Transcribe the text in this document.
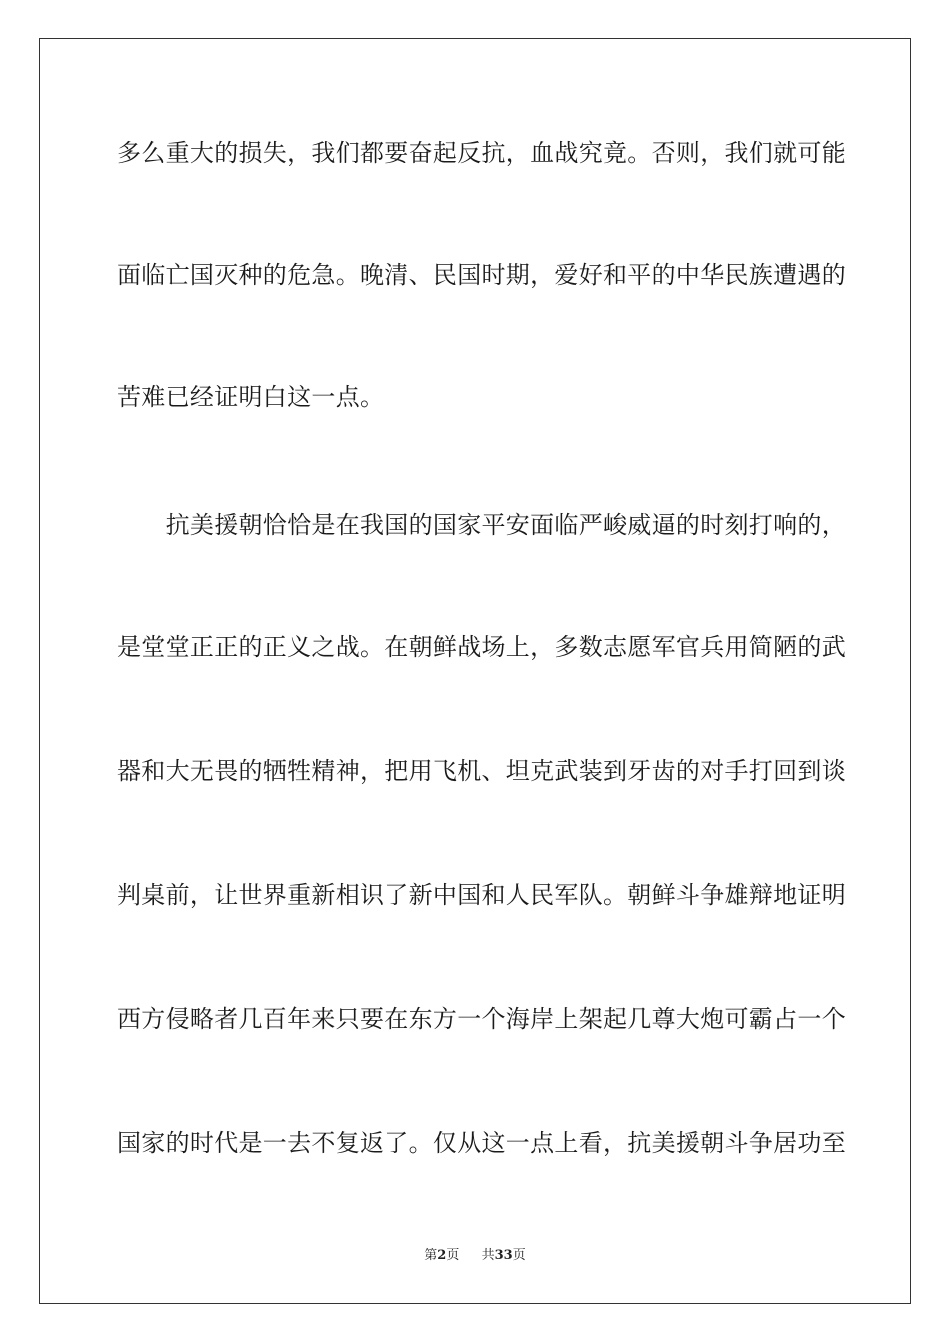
多么重大的损失，我们都要奋起反抗，血战究竟。否则，我们就可能
面临亡国灭种的危急。晚清、民国时期，爱好和平的中华民族遭遇的
苦难已经证明白这一点。
　　抗美援朝恰恰是在我国的国家平安面临严峻威逼的时刻打响的，
是堂堂正正的正义之战。在朝鲜战场上，多数志愿军官兵用简陋的武
器和大无畏的牺牲精神，把用飞机、坦克武装到牙齿的对手打回到谈
判桌前，让世界重新相识了新中国和人民军队。朝鲜斗争雄辩地证明
西方侵略者几百年来只要在东方一个海岸上架起几尊大炮可霸占一个
国家的时代是一去不复返了。仅从这一点上看，抗美援朝斗争居功至
第2页 共33页
